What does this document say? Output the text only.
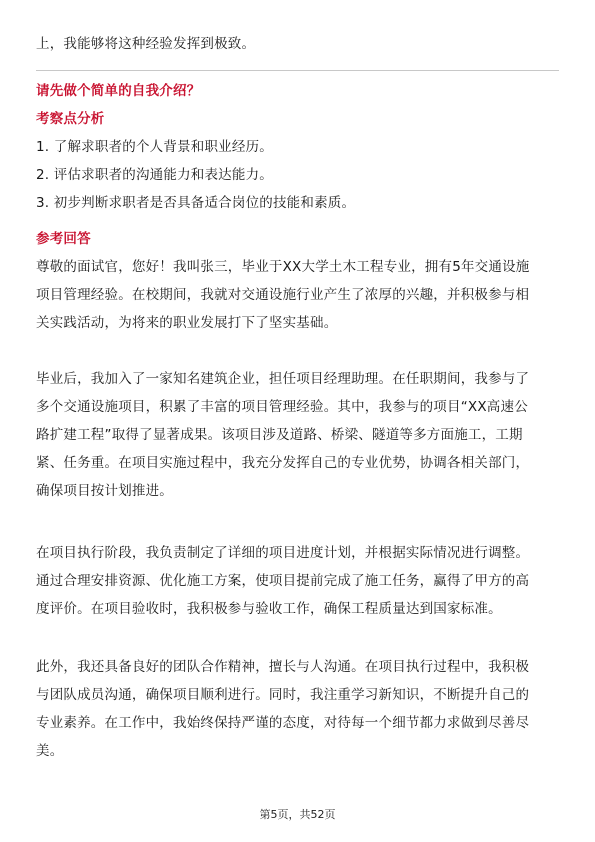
上，我能够将这种经验发挥到极致。
请先做个简单的自我介绍？
考察点分析
1. 了解求职者的个人背景和职业经历。
2. 评估求职者的沟通能力和表达能力。
3. 初步判断求职者是否具备适合岗位的技能和素质。
参考回答
尊敬的面试官，您好！我叫张三，毕业于XX大学土木工程专业，拥有5年交通设施
项目管理经验。在校期间，我就对交通设施行业产生了浓厚的兴趣，并积极参与相
关实践活动，为将来的职业发展打下了坚实基础。
毕业后，我加入了一家知名建筑企业，担任项目经理助理。在任职期间，我参与了
多个交通设施项目，积累了丰富的项目管理经验。其中，我参与的项目“XX高速公
路扩建工程”取得了显著成果。该项目涉及道路、桥梁、隧道等多方面施工，工期
紧、任务重。在项目实施过程中，我充分发挥自己的专业优势，协调各相关部门，
确保项目按计划推进。
在项目执行阶段，我负责制定了详细的项目进度计划，并根据实际情况进行调整。
通过合理安排资源、优化施工方案，使项目提前完成了施工任务，赢得了甲方的高
度评价。在项目验收时，我积极参与验收工作，确保工程质量达到国家标准。
此外，我还具备良好的团队合作精神，擅长与人沟通。在项目执行过程中，我积极
与团队成员沟通，确保项目顺利进行。同时，我注重学习新知识，不断提升自己的
专业素养。在工作中，我始终保持严谨的态度，对待每一个细节都力求做到尽善尽
美。
第5页，共52页
